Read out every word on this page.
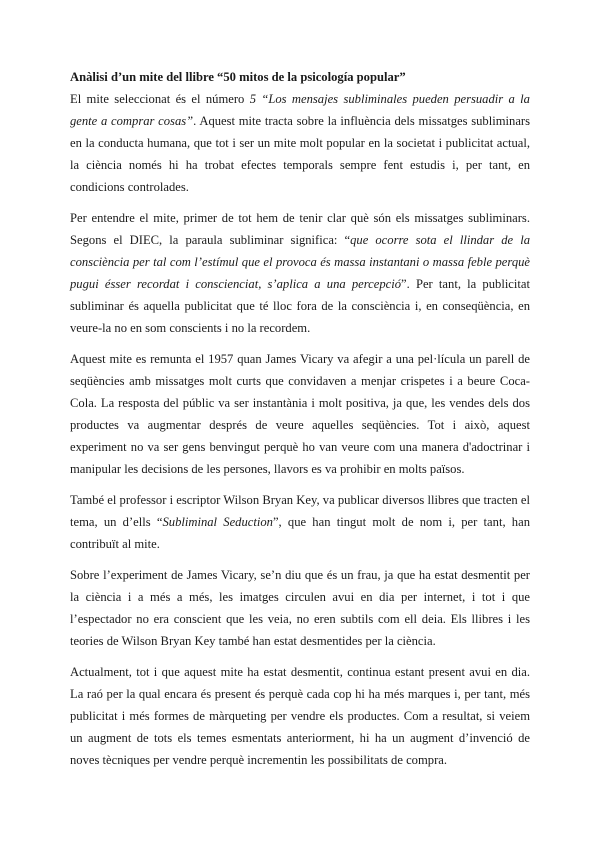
Anàlisi d’un mite del llibre “50 mitos de la psicología popular”

El mite seleccionat és el número 5 “Los mensajes subliminales pueden persuadir a la gente a comprar cosas”. Aquest mite tracta sobre la influència dels missatges subliminars en la conducta humana, que tot i ser un mite molt popular en la societat i publicitat actual, la ciència només hi ha trobat efectes temporals sempre fent estudis i, per tant, en condicions controlades.

Per entendre el mite, primer de tot hem de tenir clar què són els missatges subliminars. Segons el DIEC, la paraula subliminar significa: “que ocorre sota el llindar de la consciència per tal com l’estímul que el provoca és massa instantani o massa feble perquè pugui ésser recordat i conscienciat, s’aplica a una percepció”. Per tant, la publicitat subliminar és aquella publicitat que té lloc fora de la consciència i, en conseqüència, en veure-la no en som conscients i no la recordem.

Aquest mite es remunta el 1957 quan James Vicary va afegir a una pel·lícula un parell de seqüències amb missatges molt curts que convidaven a menjar crispetes i a beure Coca-Cola. La resposta del públic va ser instantània i molt positiva, ja que, les vendes dels dos productes va augmentar després de veure aquelles seqüències. Tot i això, aquest experiment no va ser gens benvingut perquè ho van veure com una manera d'adoctrinar i manipular les decisions de les persones, llavors es va prohibir en molts països.

També el professor i escriptor Wilson Bryan Key, va publicar diversos llibres que tracten el tema, un d’ells “Subliminal Seduction”, que han tingut molt de nom i, per tant, han contribuït al mite.

Sobre l’experiment de James Vicary, se’n diu que és un frau, ja que ha estat desmentit per la ciència i a més a més, les imatges circulen avui en dia per internet, i tot i que l’espectador no era conscient que les veia, no eren subtils com ell deia. Els llibres i les teories de Wilson Bryan Key també han estat desmentides per la ciència.

Actualment, tot i que aquest mite ha estat desmentit, continua estant present avui en dia. La raó per la qual encara és present és perquè cada cop hi ha més marques i, per tant, més publicitat i més formes de màrqueting per vendre els productes. Com a resultat, si veiem un augment de tots els temes esmentats anteriorment, hi ha un augment d’invenció de noves tècniques per vendre perquè incrementin les possibilitats de compra.
